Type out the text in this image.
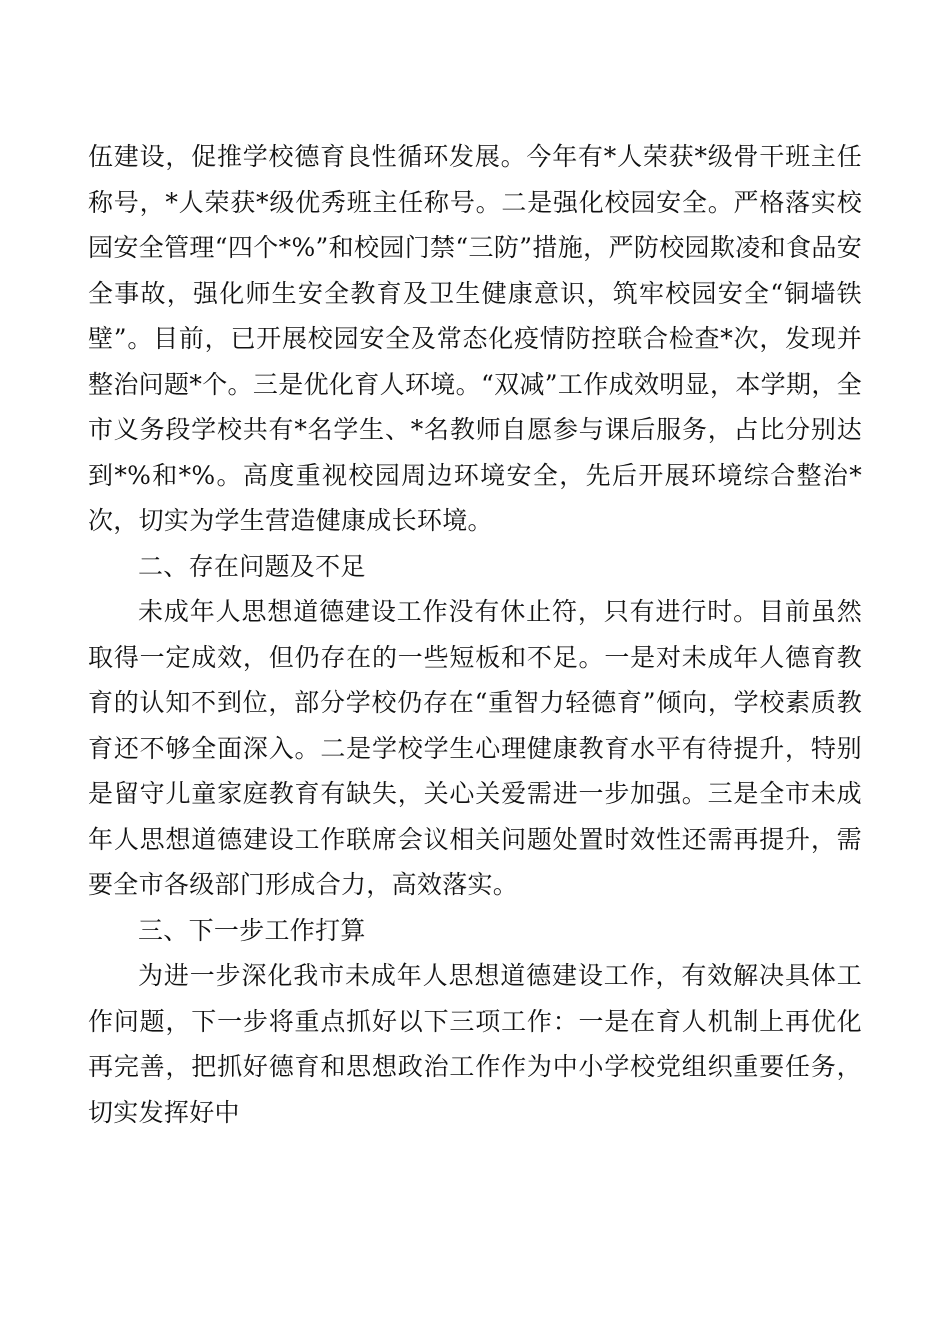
伍建设，促推学校德育良性循环发展。今年有*人荣获*级骨干班主任称号，*人荣获*级优秀班主任称号。二是强化校园安全。严格落实校园安全管理“四个*%”和校园门禁“三防”措施，严防校园欺凌和食品安全事故，强化师生安全教育及卫生健康意识，筑牢校园安全“铜墙铁壁”。目前，已开展校园安全及常态化疫情防控联合检查*次，发现并整治问题*个。三是优化育人环境。“双减”工作成效明显，本学期，全市义务段学校共有*名学生、*名教师自愿参与课后服务，占比分别达到*%和*%。高度重视校园周边环境安全，先后开展环境综合整治*次，切实为学生营造健康成长环境。

二、存在问题及不足

未成年人思想道德建设工作没有休止符，只有进行时。目前虽然取得一定成效，但仍存在的一些短板和不足。一是对未成年人德育教育的认知不到位，部分学校仍存在“重智力轻德育”倾向，学校素质教育还不够全面深入。二是学校学生心理健康教育水平有待提升，特别是留守儿童家庭教育有缺失，关心关爱需进一步加强。三是全市未成年人思想道德建设工作联席会议相关问题处置时效性还需再提升，需要全市各级部门形成合力，高效落实。

三、下一步工作打算

为进一步深化我市未成年人思想道德建设工作，有效解决具体工作问题，下一步将重点抓好以下三项工作：一是在育人机制上再优化再完善，把抓好德育和思想政治工作作为中小学校党组织重要任务，切实发挥好中
